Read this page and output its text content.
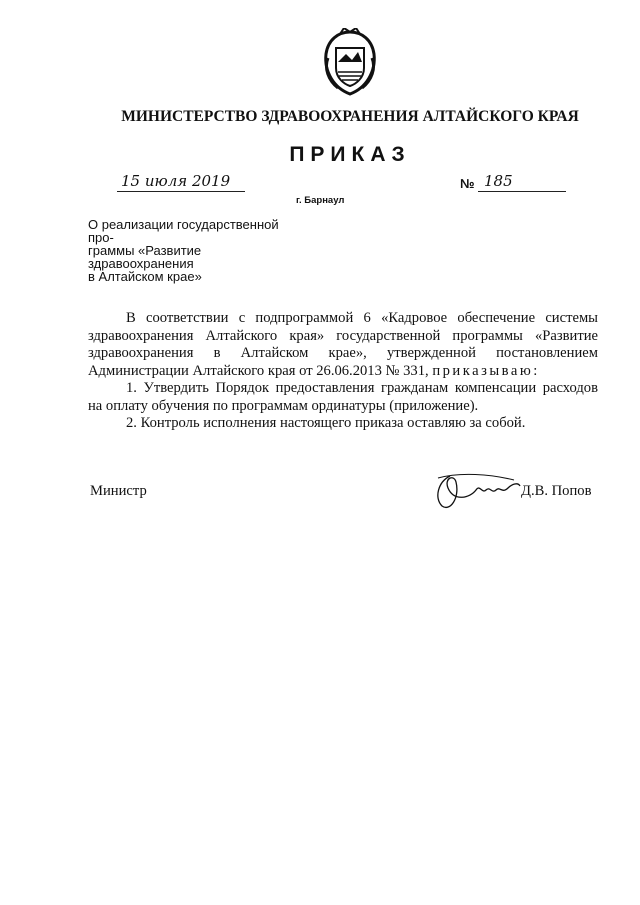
МИНИСТЕРСТВО ЗДРАВООХРАНЕНИЯ АЛТАЙСКОГО КРАЯ
ПРИКАЗ
15 июля 2019
г. Барнаул
№ 185
О реализации государственной про-
граммы «Развитие здравоохранения
в Алтайском крае»

В соответствии с подпрограммой 6 «Кадровое обеспечение системы здравоохранения Алтайского края» государственной программы «Развитие здравоохранения в Алтайском крае», утвержденной постановлением Администрации Алтайского края от 26.06.2013 № 331, приказываю:

1. Утвердить Порядок предоставления гражданам компенсации расходов на оплату обучения по программам ординатуры (приложение).

2. Контроль исполнения настоящего приказа оставляю за собой.

Министр	Д.В. Попов
